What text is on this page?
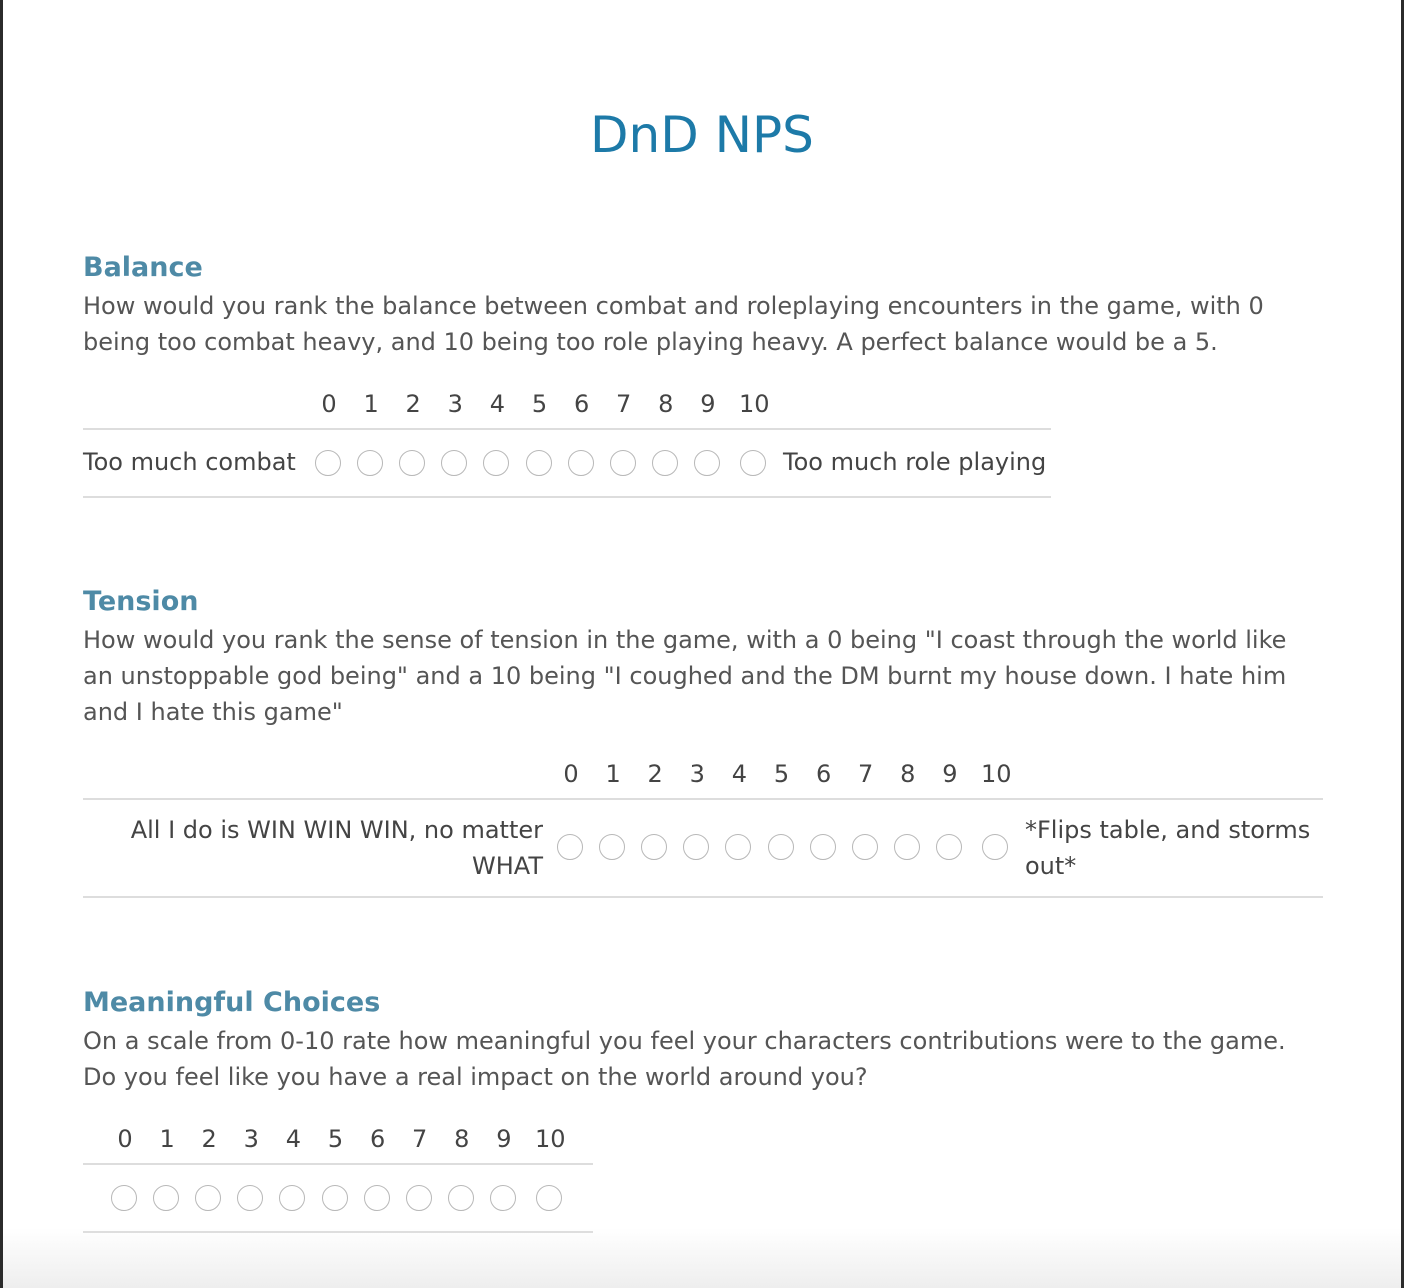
DnD NPS
Balance

How would you rank the balance between combat and roleplaying encounters in the game, with 0 being too combat heavy, and 10 being too role playing heavy. A perfect balance would be a 5.

0	1	2	3	4	5	6	7	8	9 10
Too much combat	Too much role playing
Tension

How would you rank the sense of tension in the game, with a 0 being "I coast through the world like an unstoppable god being" and a 10 being "I coughed and the DM burnt my house down. I hate him and I hate this game"

0	1	2	3	4	5	6	7	8	9 10
All I do is WIN WIN WIN, no matter WHAT
*Flips table, and storms out*
Meaningful Choices

On a scale from 0-10 rate how meaningful you feel your characters contributions were to the game. Do you feel like you have a real impact on the world around you?

0	1	2	3	4	5	6	7	8	9 10
